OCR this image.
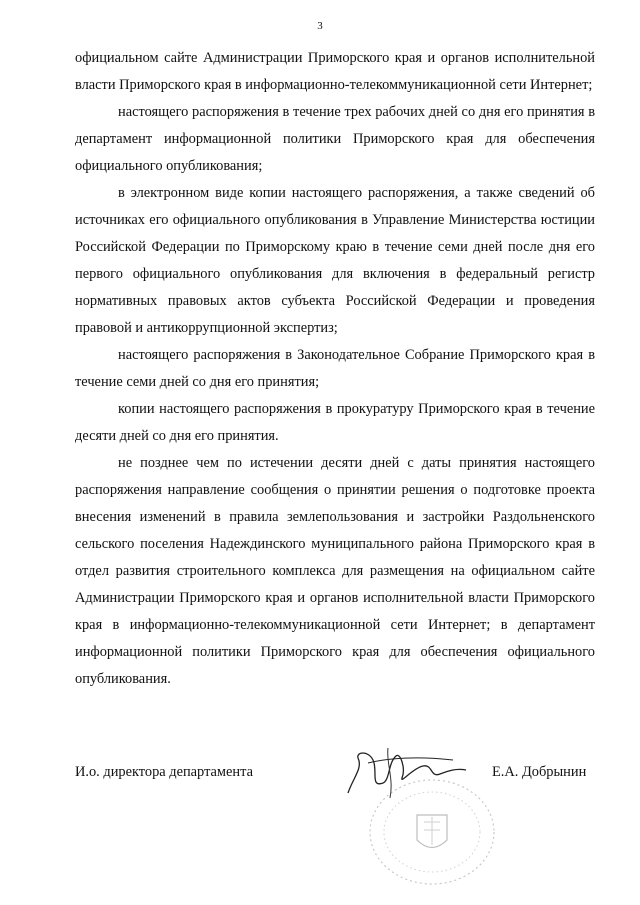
3

официальном сайте Администрации Приморского края и органов исполнительной власти Приморского края в информационно-телекоммуникационной сети Интернет;

настоящего распоряжения в течение трех рабочих дней со дня его принятия в департамент информационной политики Приморского края для обеспечения официального опубликования;

в электронном виде копии настоящего распоряжения, а также сведений об источниках его официального опубликования в Управление Министерства юстиции Российской Федерации по Приморскому краю в течение семи дней после дня его первого официального опубликования для включения в федеральный регистр нормативных правовых актов субъекта Российской Федерации и проведения правовой и антикоррупционной экспертиз;

настоящего распоряжения в Законодательное Собрание Приморского края в течение семи дней со дня его принятия;

копии настоящего распоряжения в прокуратуру Приморского края в течение десяти дней со дня его принятия.

не позднее чем по истечении десяти дней с даты принятия настоящего распоряжения направление сообщения о принятии решения о подготовке проекта внесения изменений в правила землепользования и застройки Раздольненского сельского поселения Надеждинского муниципального района Приморского края в отдел развития строительного комплекса для размещения на официальном сайте Администрации Приморского края и органов исполнительной власти Приморского края в информационно-телекоммуникационной сети Интернет; в департамент информационной политики Приморского края для обеспечения официального опубликования.

И.о. директора департамента	Е.А. Добрынин
